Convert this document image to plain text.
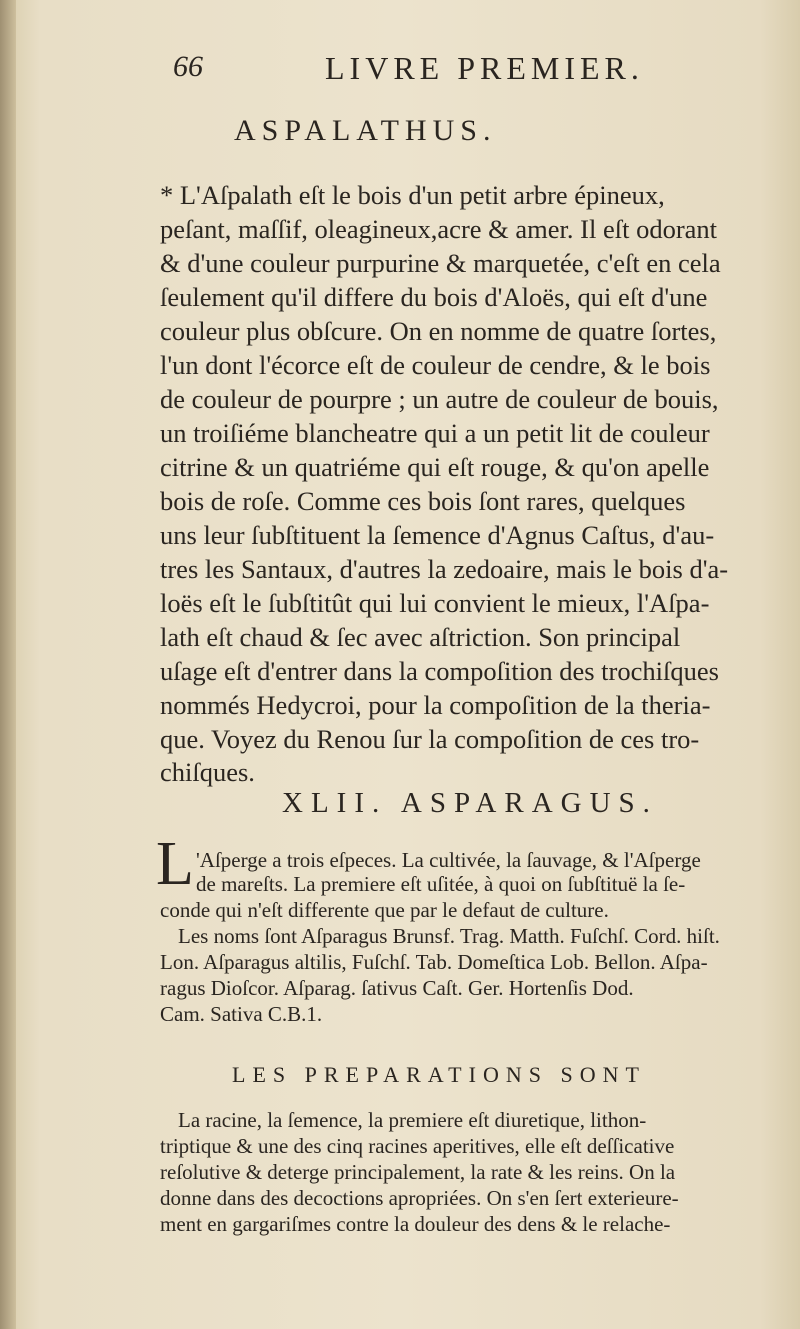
66	LIVRE PREMIER.
ASPALATHUS.
* L'Aſpalath eſt le bois d'un petit arbre épineux,
peſant, maſſif, oleagineux,acre & amer. Il eſt odorant
& d'une couleur purpurine & marquetée, c'eſt en cela
ſeulement qu'il differe du bois d'Aloës, qui eſt d'une
couleur plus obſcure. On en nomme de quatre ſortes,
l'un dont l'écorce eſt de couleur de cendre, & le bois
de couleur de pourpre ; un autre de couleur de bouis,
un troiſiéme blancheatre qui a un petit lit de couleur
citrine & un quatriéme qui eſt rouge, & qu'on apelle
bois de roſe. Comme ces bois ſont rares, quelques
uns leur ſubſtituent la ſemence d'Agnus Caſtus, d'au-
tres les Santaux, d'autres la zedoaire, mais le bois d'a-
loës eſt le ſubſtitût qui lui convient le mieux, l'Aſpa-
lath eſt chaud & ſec avec aſtriction. Son principal
uſage eſt d'entrer dans la compoſition des trochiſques
nommés Hedycroi, pour la compoſition de la theria-
que. Voyez du Renou ſur la compoſition de ces tro-
chiſques.
XLII. ASPARAGUS.
L 'Aſperge a trois eſpeces. La cultivée, la ſauvage, & l'Aſperge
de mareſts. La premiere eſt uſitée, à quoi on ſubſtituë la ſe-
conde qui n'eſt differente que par le defaut de culture.
Les noms ſont Aſparagus Brunsf. Trag. Matth. Fuſchſ. Cord. hiſt.
Lon. Aſparagus altilis, Fuſchſ. Tab. Domeſtica Lob. Bellon. Aſpa-
ragus Dioſcor. Aſparag. ſativus Caſt. Ger. Hortenſis Dod.
Cam. Sativa C.B.1.
LES PREPARATIONS SONT
La racine, la ſemence, la premiere eſt diuretique, lithon-
triptique & une des cinq racines aperitives, elle eſt deſſicative
reſolutive & deterge principalement, la rate & les reins. On la
donne dans des decoctions apropriées. On s'en ſert exterieure-
ment en gargariſmes contre la douleur des dens & le relache-
